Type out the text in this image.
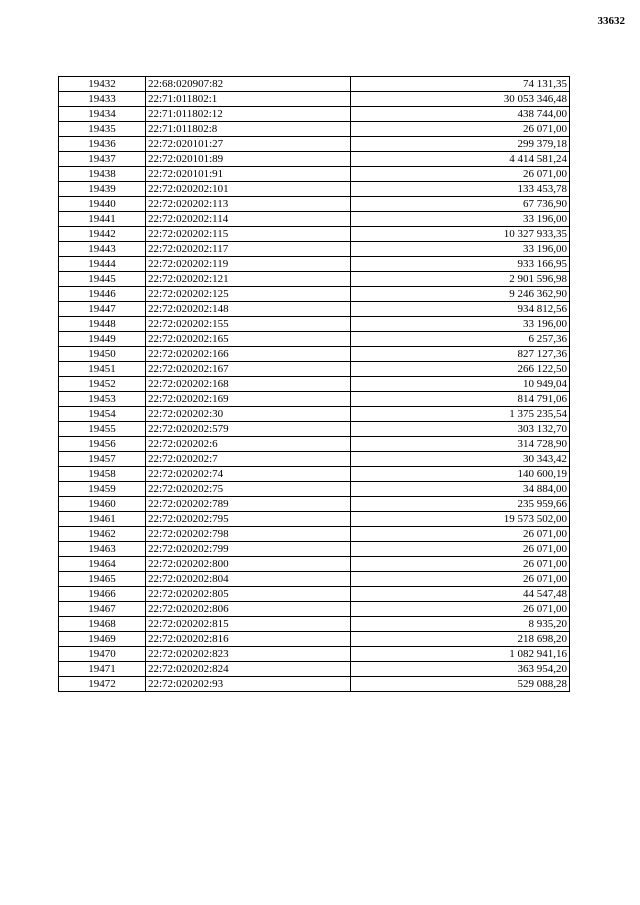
33632
19432	22:68:020907:82	74 131,35
19433	22:71:011802:1	30 053 346,48
19434	22:71:011802:12	438 744,00
19435	22:71:011802:8	26 071,00
19436	22:72:020101:27	299 379,18
19437	22:72:020101:89	4 414 581,24
19438	22:72:020101:91	26 071,00
19439	22:72:020202:101	133 453,78
19440	22:72:020202:113	67 736,90
19441	22:72:020202:114	33 196,00
19442	22:72:020202:115	10 327 933,35
19443	22:72:020202:117	33 196,00
19444	22:72:020202:119	933 166,95
19445	22:72:020202:121	2 901 596,98
19446	22:72:020202:125	9 246 362,90
19447	22:72:020202:148	934 812,56
19448	22:72:020202:155	33 196,00
19449	22:72:020202:165	6 257,36
19450	22:72:020202:166	827 127,36
19451	22:72:020202:167	266 122,50
19452	22:72:020202:168	10 949,04
19453	22:72:020202:169	814 791,06
19454	22:72:020202:30	1 375 235,54
19455	22:72:020202:579	303 132,70
19456	22:72:020202:6	314 728,90
19457	22:72:020202:7	30 343,42
19458	22:72:020202:74	140 600,19
19459	22:72:020202:75	34 884,00
19460	22:72:020202:789	235 959,66
19461	22:72:020202:795	19 573 502,00
19462	22:72:020202:798	26 071,00
19463	22:72:020202:799	26 071,00
19464	22:72:020202:800	26 071,00
19465	22:72:020202:804	26 071,00
19466	22:72:020202:805	44 547,48
19467	22:72:020202:806	26 071,00
19468	22:72:020202:815	8 935,20
19469	22:72:020202:816	218 698,20
19470	22:72:020202:823	1 082 941,16
19471	22:72:020202:824	363 954,20
19472	22:72:020202:93	529 088,28
